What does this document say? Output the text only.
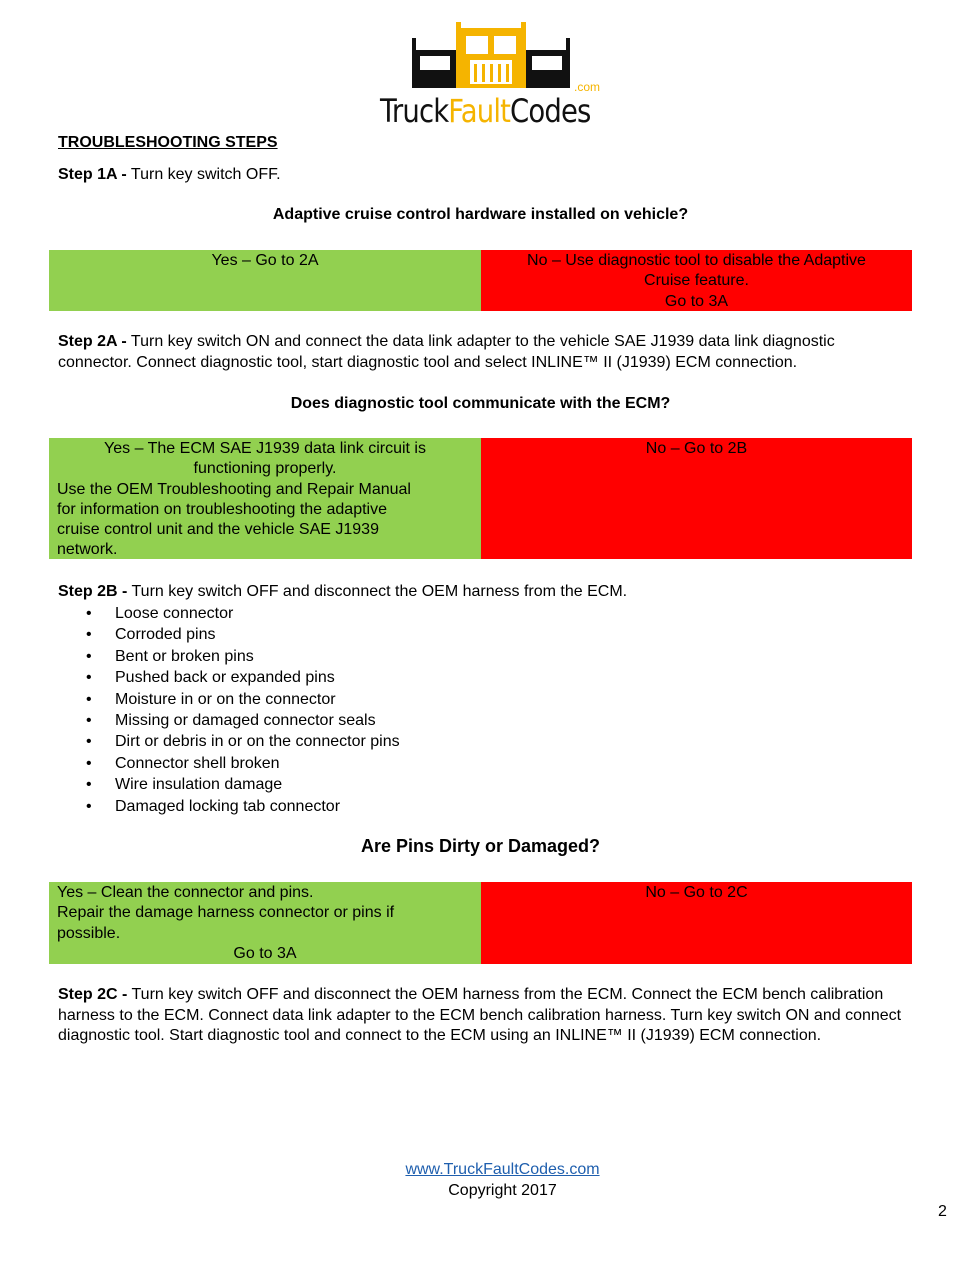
.com
TruckFaultCodes
TROUBLESHOOTING STEPS
Step 1A - Turn key switch OFF.
Adaptive cruise control hardware installed on vehicle?
Yes – Go to 2A	No – Use diagnostic tool to disable the Adaptive
Cruise feature.
Go to 3A
Step 2A - Turn key switch ON and connect the data link adapter to the vehicle SAE J1939 data link diagnostic connector. Connect diagnostic tool, start diagnostic tool and select INLINE™ II (J1939) ECM connection.
Does diagnostic tool communicate with the ECM?
Yes – The ECM SAE J1939 data link circuit is
functioning properly.
Use the OEM Troubleshooting and Repair Manual
for information on troubleshooting the adaptive
cruise control unit and the vehicle SAE J1939
network.
No – Go to 2B
Step 2B - Turn key switch OFF and disconnect the OEM harness from the ECM.
• Loose connector
• Corroded pins
• Bent or broken pins
• Pushed back or expanded pins
• Moisture in or on the connector
• Missing or damaged connector seals
• Dirt or debris in or on the connector pins
• Connector shell broken
• Wire insulation damage
• Damaged locking tab connector
Are Pins Dirty or Damaged?
Yes – Clean the connector and pins.
Repair the damage harness connector or pins if
possible.
Go to 3A
No – Go to 2C
Step 2C - Turn key switch OFF and disconnect the OEM harness from the ECM. Connect the ECM bench calibration harness to the ECM. Connect data link adapter to the ECM bench calibration harness. Turn key switch ON and connect diagnostic tool. Start diagnostic tool and connect to the ECM using an INLINE™ II (J1939) ECM connection.
www.TruckFaultCodes.com
Copyright 2017
2
